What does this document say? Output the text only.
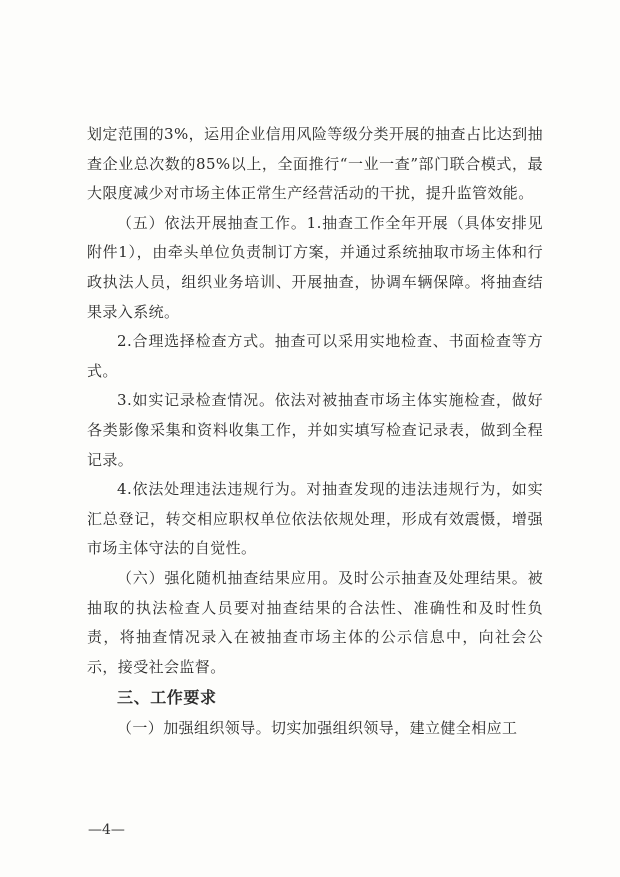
划定范围的3%，运用企业信用风险等级分类开展的抽查占比达到抽查企业总次数的85%以上，全面推行“一业一查”部门联合模式，最大限度减少对市场主体正常生产经营活动的干扰，提升监管效能。

（五）依法开展抽查工作。1.抽查工作全年开展（具体安排见附件1），由牵头单位负责制订方案，并通过系统抽取市场主体和行政执法人员，组织业务培训、开展抽查，协调车辆保障。将抽查结果录入系统。

2.合理选择检查方式。抽查可以采用实地检查、书面检查等方式。

3.如实记录检查情况。依法对被抽查市场主体实施检查，做好各类影像采集和资料收集工作，并如实填写检查记录表，做到全程记录。

4.依法处理违法违规行为。对抽查发现的违法违规行为，如实汇总登记，转交相应职权单位依法依规处理，形成有效震慑，增强市场主体守法的自觉性。

（六）强化随机抽查结果应用。及时公示抽查及处理结果。被抽取的执法检查人员要对抽查结果的合法性、准确性和及时性负责，将抽查情况录入在被抽查市场主体的公示信息中，向社会公示，接受社会监督。

三、工作要求

（一）加强组织领导。切实加强组织领导，建立健全相应工

—4—
